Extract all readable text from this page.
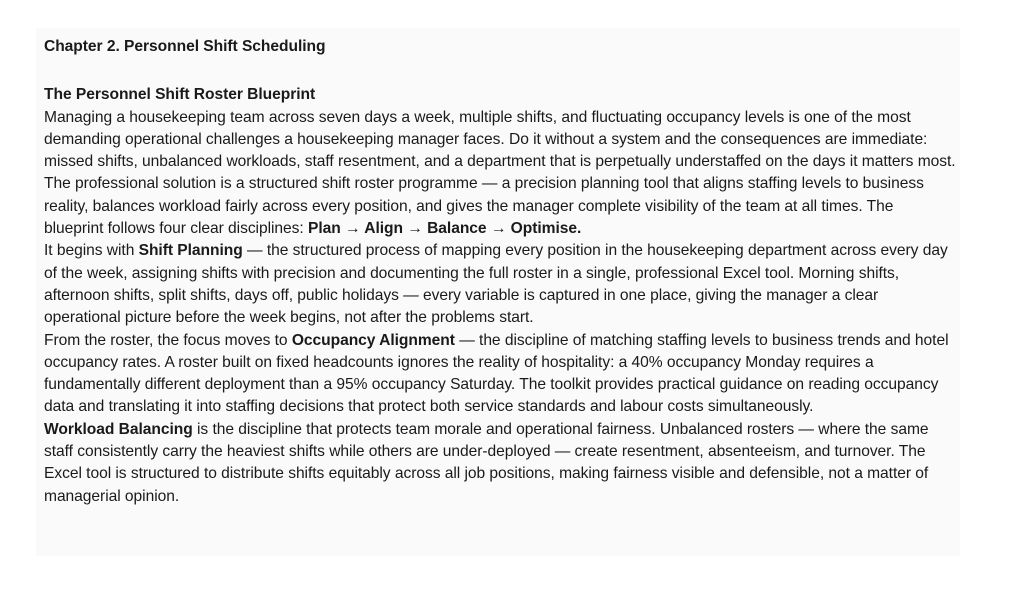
Chapter 2. Personnel Shift Scheduling

The Personnel Shift Roster Blueprint

Managing a housekeeping team across seven days a week, multiple shifts, and fluctuating occupancy levels is one of the most demanding operational challenges a housekeeping manager faces. Do it without a system and the consequences are immediate: missed shifts, unbalanced workloads, staff resentment, and a department that is perpetually understaffed on the days it matters most.

The professional solution is a structured shift roster programme — a precision planning tool that aligns staffing levels to business reality, balances workload fairly across every position, and gives the manager complete visibility of the team at all times. The blueprint follows four clear disciplines: Plan → Align → Balance → Optimise.

It begins with Shift Planning — the structured process of mapping every position in the housekeeping department across every day of the week, assigning shifts with precision and documenting the full roster in a single, professional Excel tool. Morning shifts, afternoon shifts, split shifts, days off, public holidays — every variable is captured in one place, giving the manager a clear operational picture before the week begins, not after the problems start.

From the roster, the focus moves to Occupancy Alignment — the discipline of matching staffing levels to business trends and hotel occupancy rates. A roster built on fixed headcounts ignores the reality of hospitality: a 40% occupancy Monday requires a fundamentally different deployment than a 95% occupancy Saturday. The toolkit provides practical guidance on reading occupancy data and translating it into staffing decisions that protect both service standards and labour costs simultaneously.

Workload Balancing is the discipline that protects team morale and operational fairness. Unbalanced rosters — where the same staff consistently carry the heaviest shifts while others are under-deployed — create resentment, absenteeism, and turnover. The Excel tool is structured to distribute shifts equitably across all job positions, making fairness visible and defensible, not a matter of managerial opinion.
